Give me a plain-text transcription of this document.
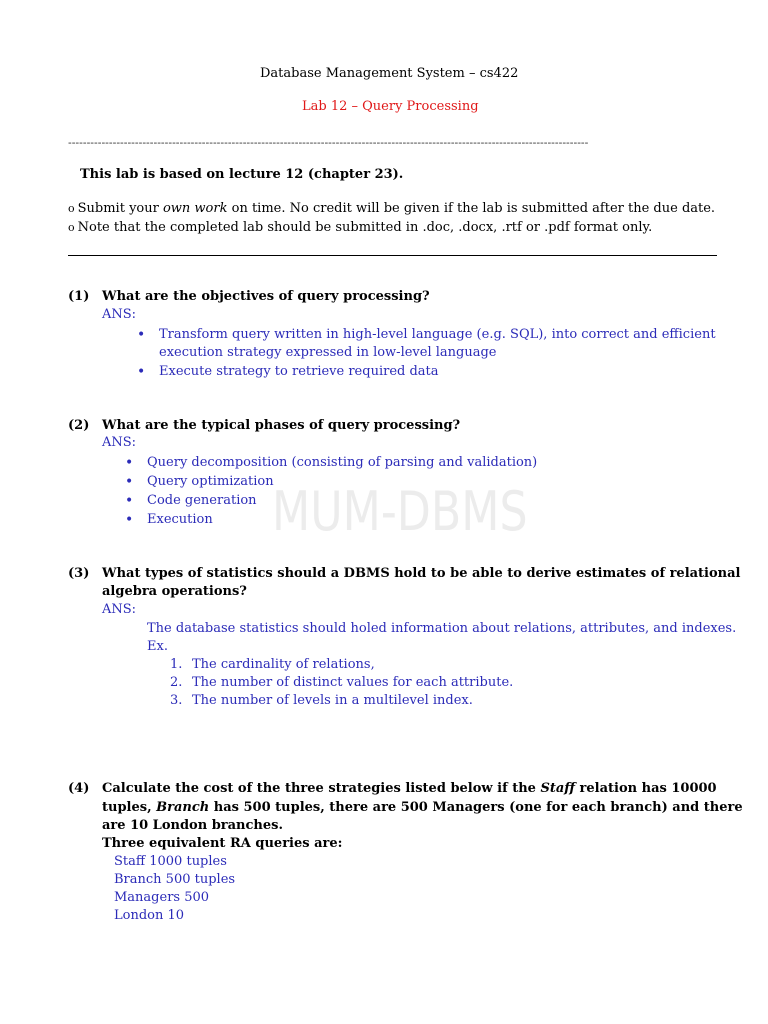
MUM-DBMS
Database Management System – cs422
Lab 12 – Query Processing
--------------------------------------------------------------------------------------------------------------------------------------------
This lab is based on lecture 12 (chapter 23).
o Submit your own work on time. No credit will be given if the lab is submitted after the due date.
o Note that the completed lab should be submitted in .doc, .docx, .rtf or .pdf format only.
(1) What are the objectives of query processing?
ANS:
• Transform query written in high-level language (e.g. SQL), into correct and efficient
execution strategy expressed in low-level language
• Execute strategy to retrieve required data
(2) What are the typical phases of query processing?
ANS:
• Query decomposition (consisting of parsing and validation)
• Query optimization
• Code generation
• Execution
(3) What types of statistics should a DBMS hold to be able to derive estimates of relational
algebra operations?
ANS:
The database statistics should holed information about relations, attributes, and indexes.
Ex.
1. The cardinality of relations,
2. The number of distinct values for each attribute.
3. The number of levels in a multilevel index.
(4) Calculate the cost of the three strategies listed below if the Staff relation has 10000
tuples, Branch has 500 tuples, there are 500 Managers (one for each branch) and there
are 10 London branches.
Three equivalent RA queries are:
Staff 1000 tuples
Branch 500 tuples
Managers 500
London 10
